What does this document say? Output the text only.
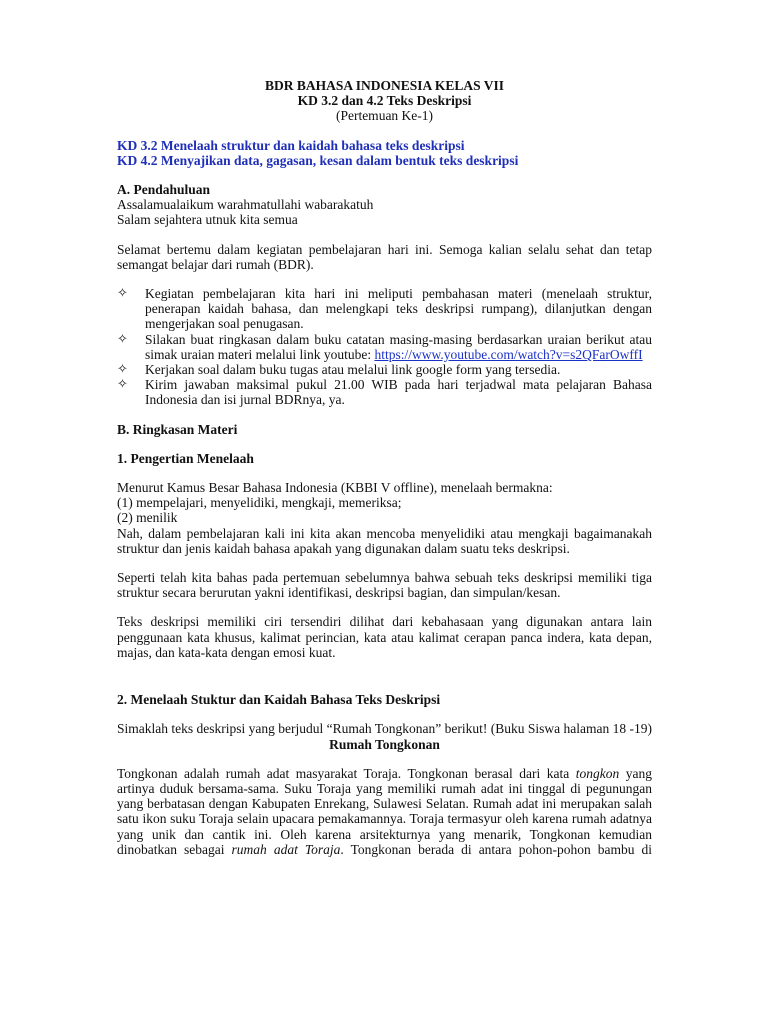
BDR BAHASA INDONESIA KELAS VII

KD 3.2 dan 4.2 Teks Deskripsi

(Pertemuan Ke-1)

KD 3.2 Menelaah struktur dan kaidah bahasa teks deskripsi

KD 4.2 Menyajikan data, gagasan, kesan dalam bentuk teks deskripsi

A. Pendahuluan

Assalamualaikum warahmatullahi wabarakatuh

Salam sejahtera utnuk kita semua

Selamat bertemu dalam kegiatan pembelajaran hari ini. Semoga kalian selalu sehat dan tetap semangat belajar dari rumah (BDR).

✧ Kegiatan pembelajaran kita hari ini meliputi pembahasan materi (menelaah struktur, penerapan kaidah bahasa, dan melengkapi teks deskripsi rumpang), dilanjutkan dengan mengerjakan soal penugasan.
✧ Silakan buat ringkasan dalam buku catatan masing-masing berdasarkan uraian berikut atau simak uraian materi melalui link youtube: https://www.youtube.com/watch?v=s2QFarOwffI
✧ Kerjakan soal dalam buku tugas atau melalui link google form yang tersedia.
✧ Kirim jawaban maksimal pukul 21.00 WIB pada hari terjadwal mata pelajaran Bahasa Indonesia dan isi jurnal BDRnya, ya.

B. Ringkasan Materi

1. Pengertian Menelaah

Menurut Kamus Besar Bahasa Indonesia (KBBI V offline), menelaah bermakna:

(1) mempelajari, menyelidiki, mengkaji, memeriksa;

(2) menilik

Nah, dalam pembelajaran kali ini kita akan mencoba menyelidiki atau mengkaji bagaimanakah struktur dan jenis kaidah bahasa apakah yang digunakan dalam suatu teks deskripsi.

Seperti telah kita bahas pada pertemuan sebelumnya bahwa sebuah teks deskripsi memiliki tiga struktur secara berurutan yakni identifikasi, deskripsi bagian, dan simpulan/kesan.

Teks deskripsi memiliki ciri tersendiri dilihat dari kebahasaan yang digunakan antara lain penggunaan kata khusus, kalimat perincian, kata atau kalimat cerapan panca indera, kata depan, majas, dan kata-kata dengan emosi kuat.

2. Menelaah Stuktur dan Kaidah Bahasa Teks Deskripsi

Simaklah teks deskripsi yang berjudul “Rumah Tongkonan” berikut! (Buku Siswa halaman 18 -19)

Rumah Tongkonan

Tongkonan adalah rumah adat masyarakat Toraja. Tongkonan berasal dari kata tongkon yang artinya duduk bersama-sama. Suku Toraja yang memiliki rumah adat ini tinggal di pegunungan yang berbatasan dengan Kabupaten Enrekang, Sulawesi Selatan. Rumah adat ini merupakan salah satu ikon suku Toraja selain upacara pemakamannya. Toraja termasyur oleh karena rumah adatnya yang unik dan cantik ini. Oleh karena arsitekturnya yang menarik, Tongkonan kemudian dinobatkan sebagai rumah adat Toraja. Tongkonan berada di antara pohon-pohon bambu di
